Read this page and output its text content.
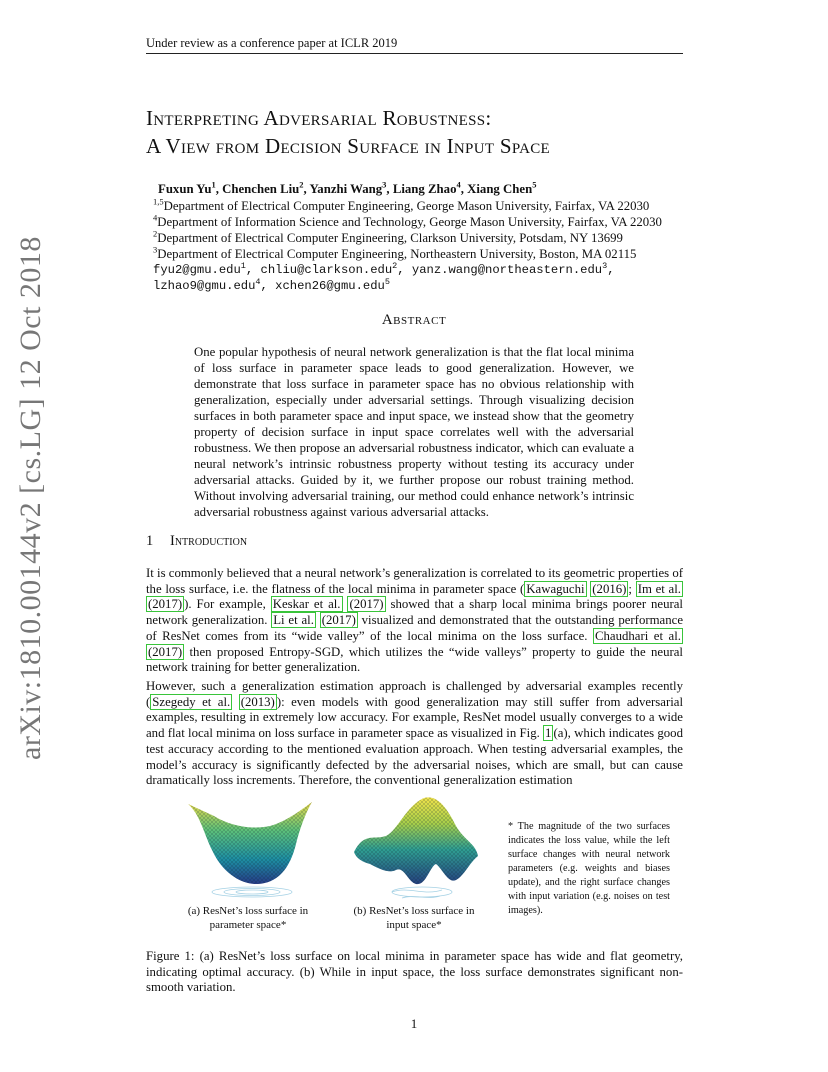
Under review as a conference paper at ICLR 2019
arXiv:1810.00144v2 [cs.LG] 12 Oct 2018
Interpreting Adversarial Robustness:
A View from Decision Surface in Input Space
Fuxun Yu$^1$, Chenchen Liu$^2$, Yanzhi Wang$^3$, Liang Zhao$^4$, Xiang Chen$^5$
$^{1,5}$Department of Electrical Computer Engineering, George Mason University, Fairfax, VA 22030
$^4$Department of Information Science and Technology, George Mason University, Fairfax, VA 22030
$^2$Department of Electrical Computer Engineering, Clarkson University, Potsdam, NY 13699
$^3$Department of Electrical Computer Engineering, Northeastern University, Boston, MA 02115
fyu2@gmu.edu$^1$, chliu@clarkson.edu$^2$, yanz.wang@northeastern.edu$^3$,
lzhao9@gmu.edu$^4$, xchen26@gmu.edu$^5$
Abstract
One popular hypothesis of neural network generalization is that the flat local minima of loss surface in parameter space leads to good generalization. However, we demonstrate that loss surface in parameter space has no obvious relationship with generalization, especially under adversarial settings. Through visualizing decision surfaces in both parameter space and input space, we instead show that the geometry property of decision surface in input space correlates well with the adversarial robustness. We then propose an adversarial robustness indicator, which can evaluate a neural network’s intrinsic robustness property without testing its accuracy under adversarial attacks. Guided by it, we further propose our robust training method. Without involving adversarial training, our method could enhance network’s intrinsic adversarial robustness against various adversarial attacks.
1 Introduction
It is commonly believed that a neural network’s generalization is correlated to its geometric properties of the loss surface, i.e. the flatness of the local minima in parameter space ( Kawaguchi (2016) ; Im et al. (2017) ). For example, Keskar et al. (2017) showed that a sharp local minima brings poorer neural network generalization. Li et al. (2017) visualized and demonstrated that the outstanding performance of ResNet comes from its “wide valley” of the local minima on the loss surface. Chaudhari et al. (2017) then proposed Entropy-SGD, which utilizes the “wide valleys” property to guide the neural network training for better generalization.
However, such a generalization estimation approach is challenged by adversarial examples recently ( Szegedy et al. (2013) ): even models with good generalization may still suffer from adversarial examples, resulting in extremely low accuracy. For example, ResNet model usually converges to a wide and flat local minima on loss surface in parameter space as visualized in Fig. 1 (a), which indicates good test accuracy according to the mentioned evaluation approach. When testing adversarial examples, the model’s accuracy is significantly defected by the adversarial noises, which are small, but can cause dramatically loss increments. Therefore, the conventional generalization estimation
(a) ResNet’s loss surface in parameter space*
(b) ResNet’s loss surface in input space*
* The magnitude of the two surfaces indicates the loss value, while the left surface changes with neural network parameters (e.g. weights and biases update), and the right surface changes with input variation (e.g. noises on test images).
Figure 1: (a) ResNet’s loss surface on local minima in parameter space has wide and flat geometry, indicating optimal accuracy. (b) While in input space, the loss surface demonstrates significant non-smooth variation.
1
